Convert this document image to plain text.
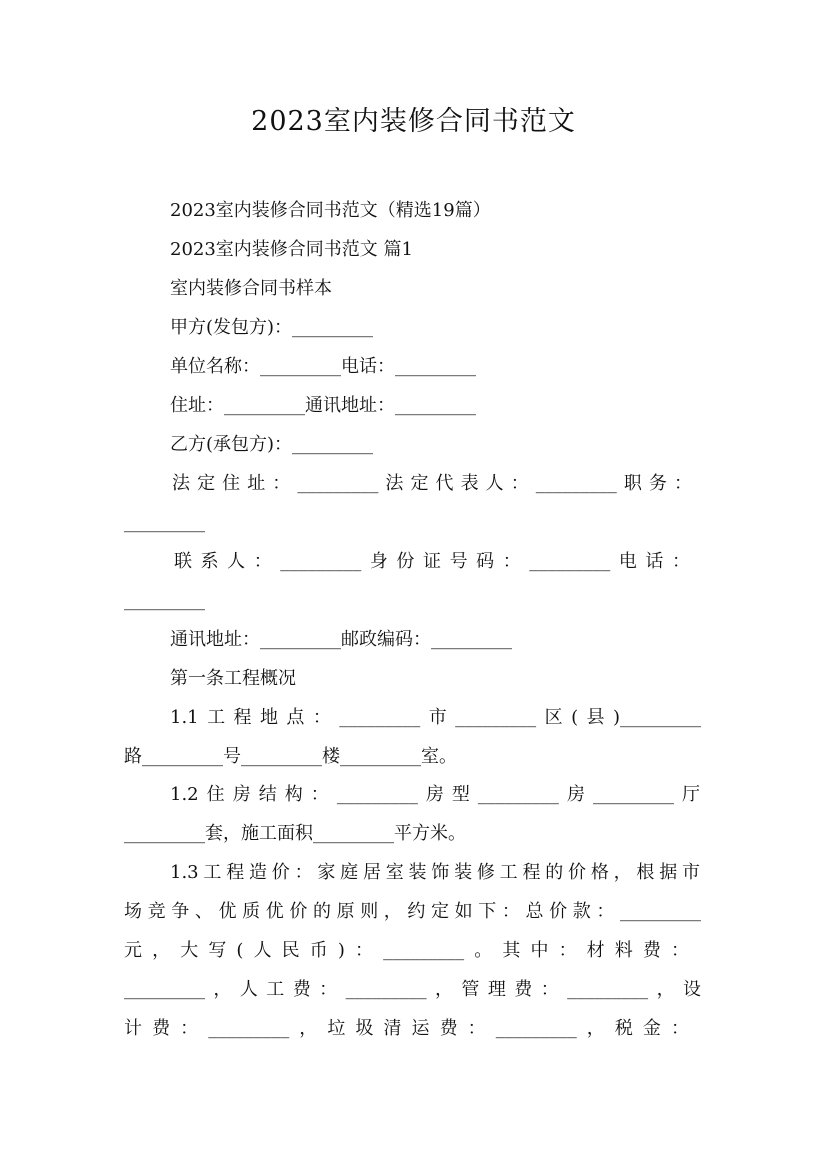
2023室内装修合同书范文
2023室内装修合同书范文（精选19篇）
2023室内装修合同书范文 篇1
室内装修合同书样本
甲方(发包方)：_________
单位名称：_________电话：_________
住址：_________通讯地址：_________
乙方(承包方)：_________
法定住址：_________法定代表人：_________职务：
_________
联系人：_________身份证号码：_________电话：
_________
通讯地址：_________邮政编码：_________
第一条工程概况
1.1工程地点：_________市_________区(县)_________
路_________号_________楼_________室。
1.2住房结构：_________房型_________房_________厅
_________套，施工面积_________平方米。
1.3工程造价：家庭居室装饰装修工程的价格，根据市
场竞争、优质优价的原则，约定如下：总价款：_________
元，大写(人民币)：_________。其中：材料费：
_________，人工费：_________，管理费：_________，设
计费：_________，垃圾清运费：_________，税金：
